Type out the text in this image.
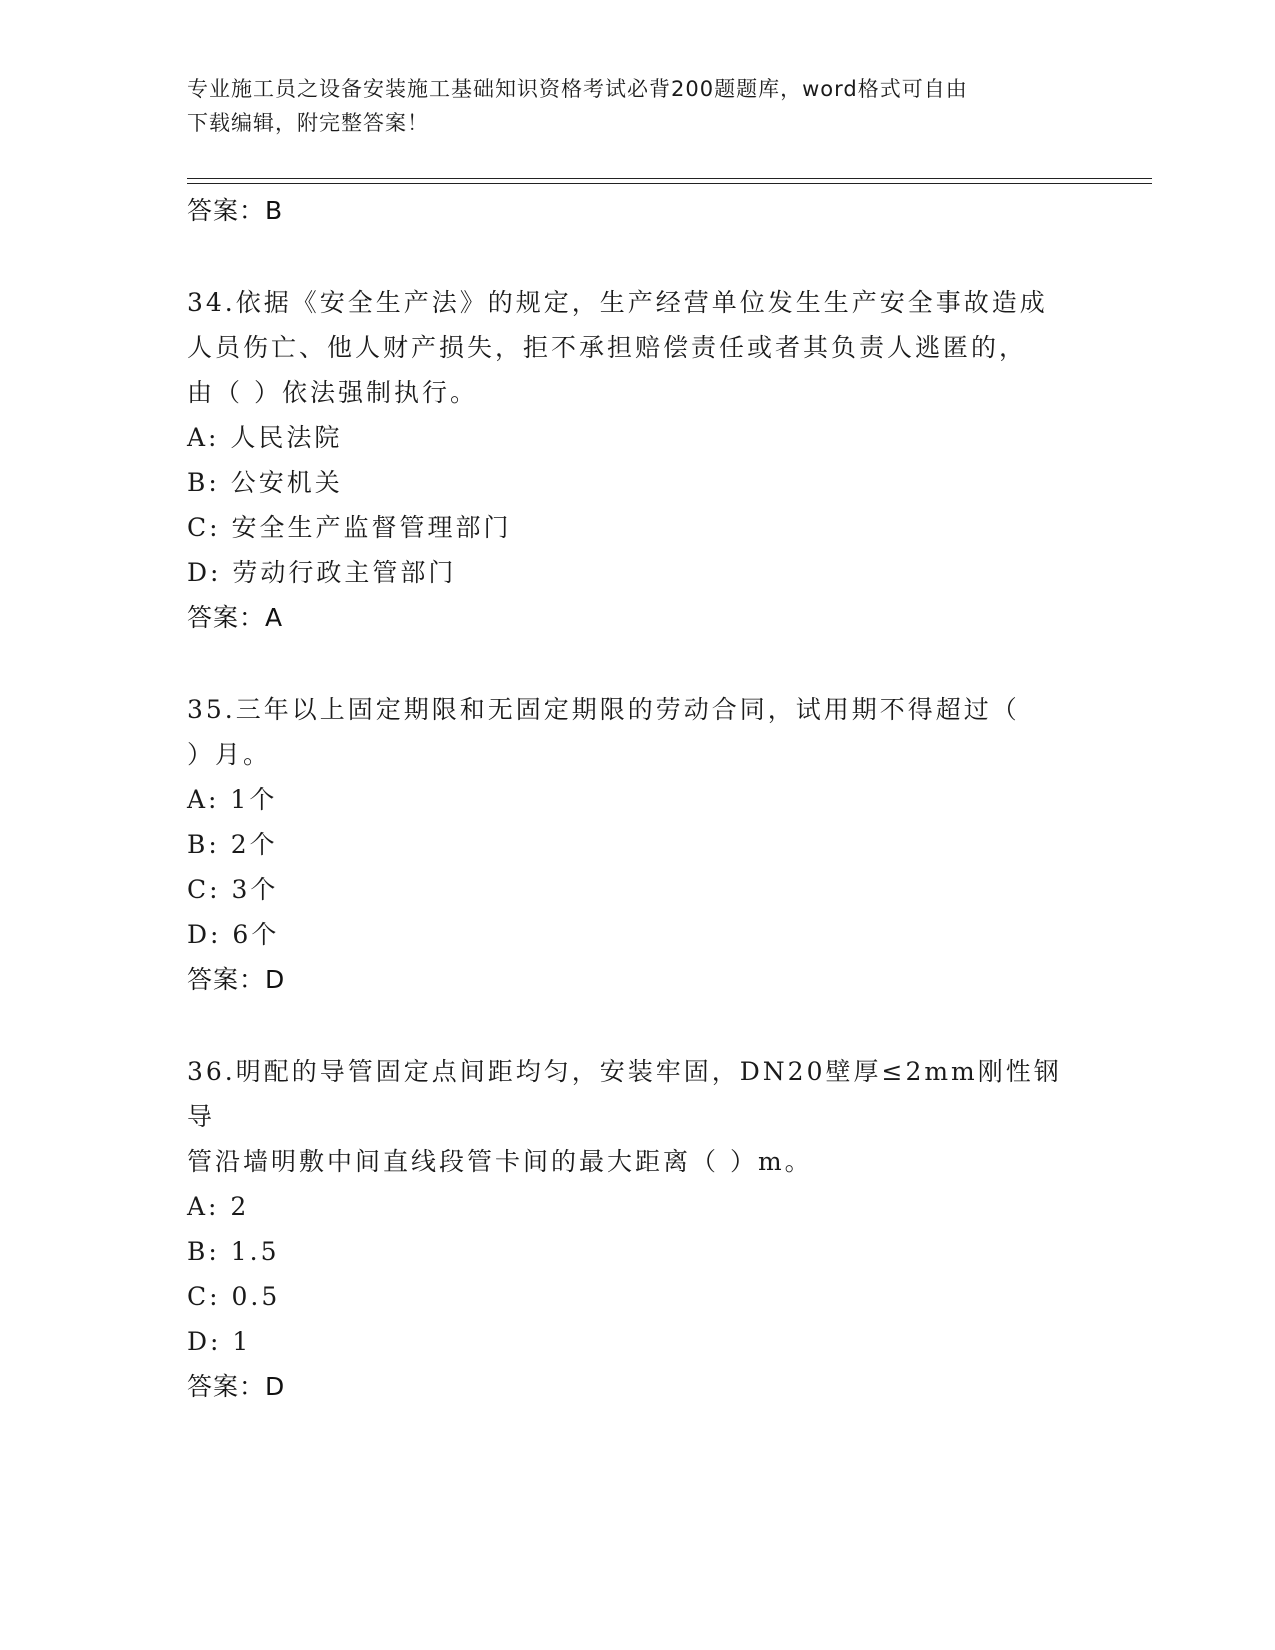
专业施工员之设备安装施工基础知识资格考试必背200题题库，word格式可自由
下载编辑，附完整答案！
答案：B
34.依据《安全生产法》的规定，生产经营单位发生生产安全事故造成
人员伤亡、他人财产损失，拒不承担赔偿责任或者其负责人逃匿的，
由（ ）依法强制执行。
A: 人民法院
B: 公安机关
C: 安全生产监督管理部门
D: 劳动行政主管部门
答案：A
35.三年以上固定期限和无固定期限的劳动合同，试用期不得超过（
）月。
A: 1个
B: 2个
C: 3个
D: 6个
答案：D
36.明配的导管固定点间距均匀，安装牢固，DN20壁厚≤2mm刚性钢导
管沿墙明敷中间直线段管卡间的最大距离（ ）m。
A: 2
B: 1.5
C: 0.5
D: 1
答案：D
